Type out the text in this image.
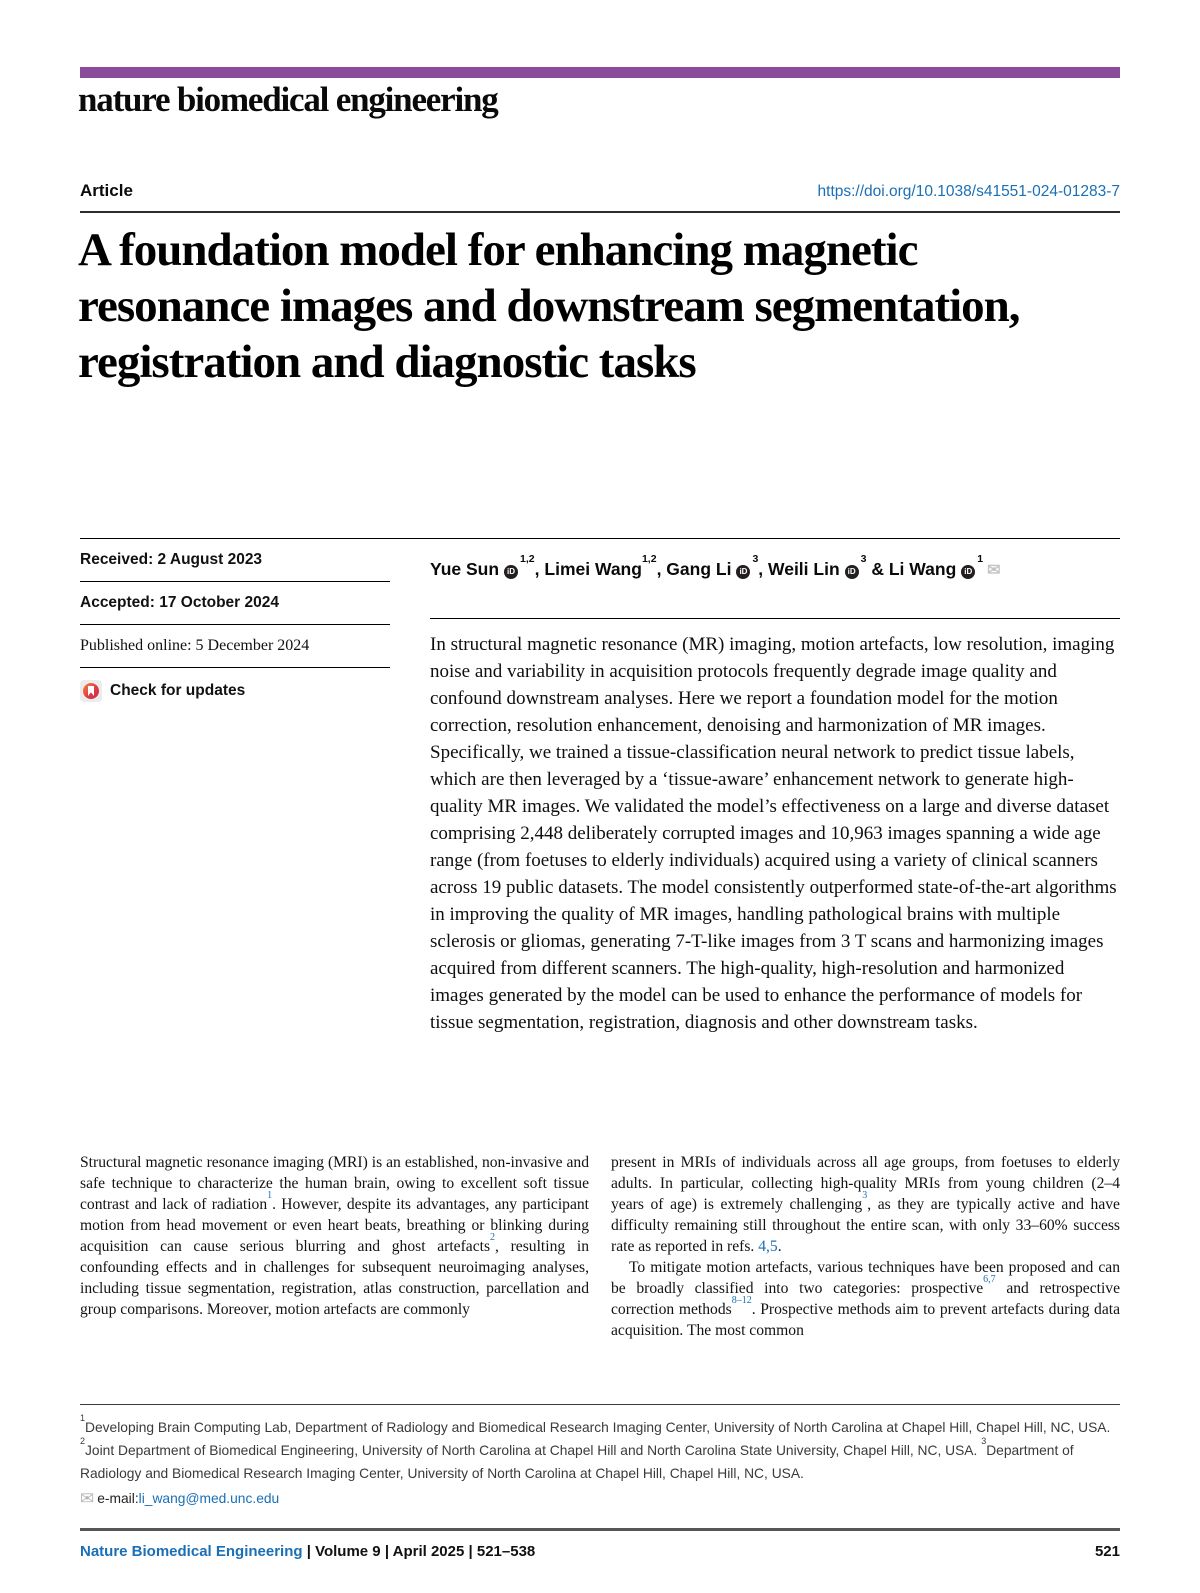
nature biomedical engineering
Article	https://doi.org/10.1038/s41551-024-01283-7
A foundation model for enhancing magnetic resonance images and downstream segmentation, registration and diagnostic tasks
Received: 2 August 2023
Accepted: 17 October 2024
Published online: 5 December 2024
Check for updates
Yue Sun iD$^{1,2}$, Limei Wang$^{1,2}$, Gang Li $iD^3$, Weili Lin $iD^3$ & Li Wang $iD^1✉$

In structural magnetic resonance (MR) imaging, motion artefacts, low resolution, imaging noise and variability in acquisition protocols frequently degrade image quality and confound downstream analyses. Here we report a foundation model for the motion correction, resolution enhancement, denoising and harmonization of MR images. Specifically, we trained a tissue-classification neural network to predict tissue labels, which are then leveraged by a ‘tissue-aware’ enhancement network to generate high-quality MR images. We validated the model’s effectiveness on a large and diverse dataset comprising 2,448 deliberately corrupted images and 10,963 images spanning a wide age range (from foetuses to elderly individuals) acquired using a variety of clinical scanners across 19 public datasets. The model consistently outperformed state-of-the-art algorithms in improving the quality of MR images, handling pathological brains with multiple sclerosis or gliomas, generating 7-T-like images from 3 T scans and harmonizing images acquired from different scanners. The high-quality, high-resolution and harmonized images generated by the model can be used to enhance the performance of models for tissue segmentation, registration, diagnosis and other downstream tasks.

Structural magnetic resonance imaging (MRI) is an established, non-invasive and safe technique to characterize the human brain, owing to excellent soft tissue contrast and lack of radiation$^1$. However, despite its advantages, any participant motion from head movement or even heart beats, breathing or blinking during acquisition can cause serious blurring and ghost artefacts$^2$, resulting in confounding effects and in challenges for subsequent neuroimaging analyses, including tissue segmentation, registration, atlas construction, parcellation and group comparisons. Moreover, motion artefacts are commonly

present in MRIs of individuals across all age groups, from foetuses to elderly adults. In particular, collecting high-quality MRIs from young children (2–4 years of age) is extremely challenging$^3$, as they are typically active and have difficulty remaining still throughout the entire scan, with only 33–60% success rate as reported in refs. 4,5.

To mitigate motion artefacts, various techniques have been proposed and can be broadly classified into two categories: prospective$^{6,7}$ and retrospective correction methods$^{8-12}$. Prospective methods aim to prevent artefacts during data acquisition. The most common

$^1$Developing Brain Computing Lab, Department of Radiology and Biomedical Research Imaging Center, University of North Carolina at Chapel Hill, Chapel Hill, NC, USA. $^2$Joint Department of Biomedical Engineering, University of North Carolina at Chapel Hill and North Carolina State University, Chapel Hill, NC, USA. $^3$Department of Radiology and Biomedical Research Imaging Center, University of North Carolina at Chapel Hill, Chapel Hill, NC, USA.
✉ e-mail: li_wang@med.unc.edu
Nature Biomedical Engineering | Volume 9 | April 2025 | 521–538	521
